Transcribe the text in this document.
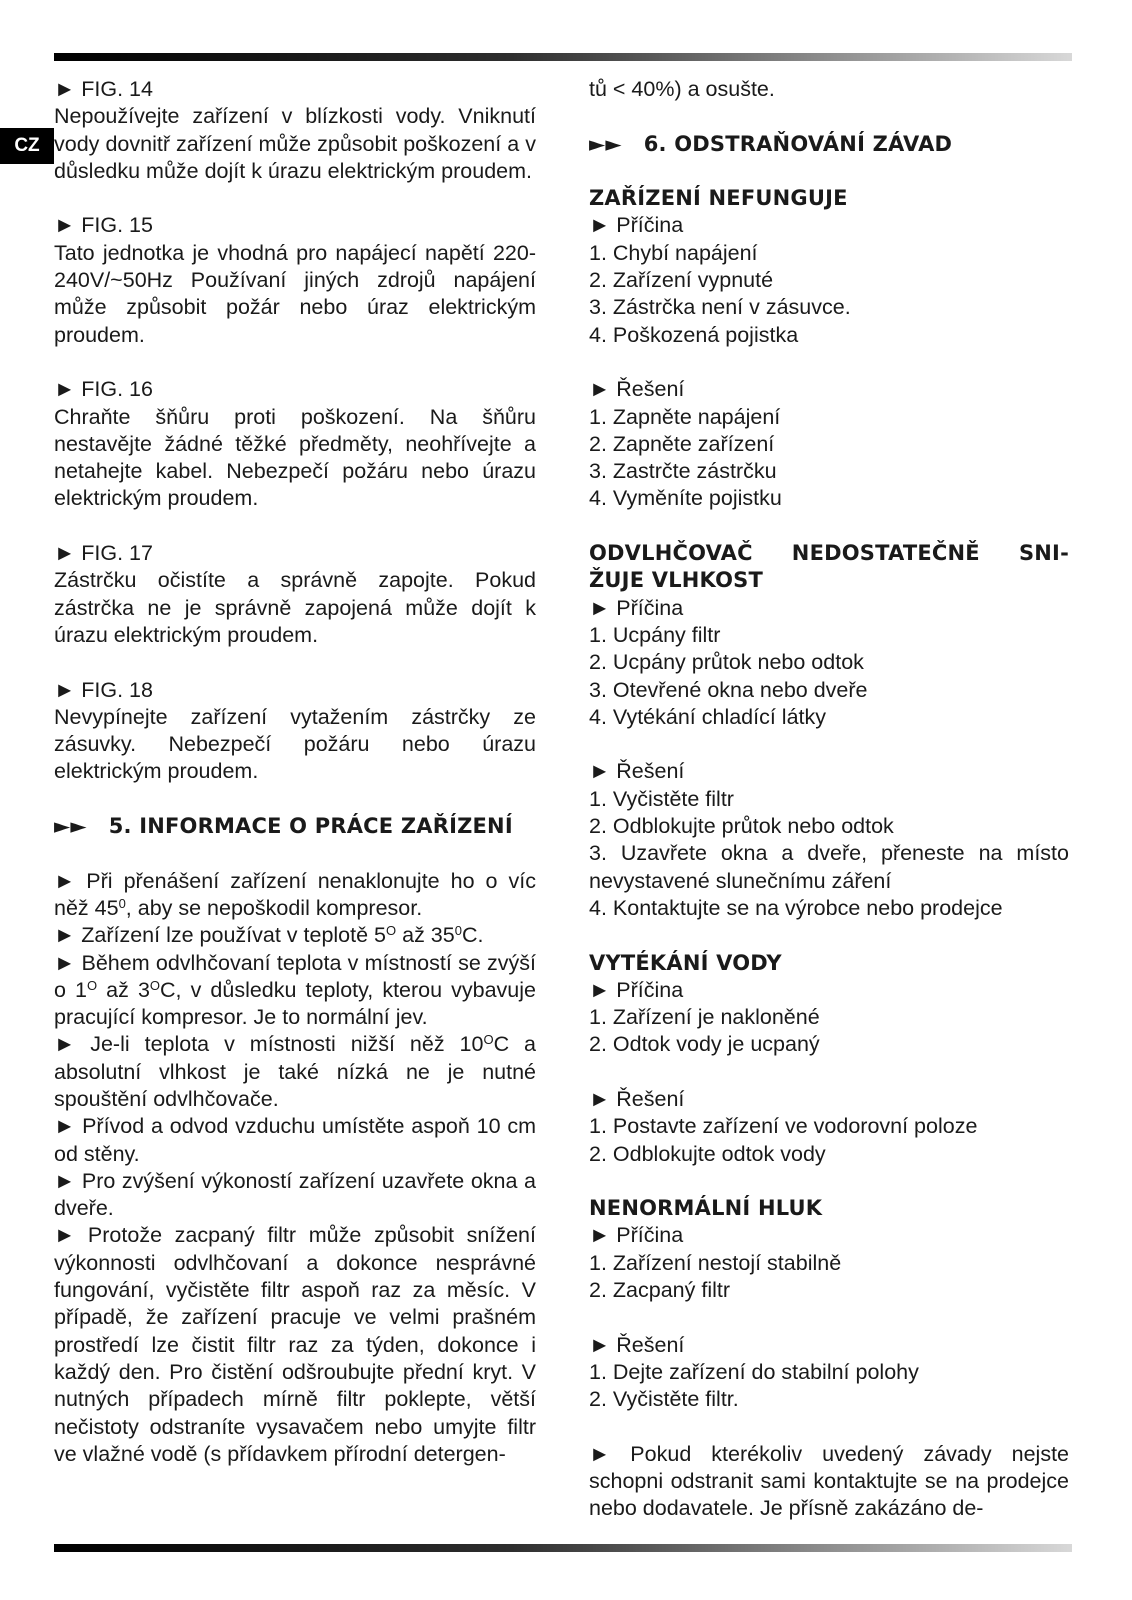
CZ

► FIG. 14

Nepoužívejte zařízení v blízkosti vody. Vniknutí vody dovnitř zařízení může způsobit poškození a v důsledku může dojít k úrazu elektrickým proudem.

► FIG. 15

Tato jednotka je vhodná pro napájecí napětí 220-240V/~50Hz Používaní jiných zdrojů napájení může způsobit požár nebo úraz elektrickým proudem.

► FIG. 16

Chraňte šňůru proti poškození. Na šňůru nestavějte žádné těžké předměty, neohřívejte a netahejte kabel. Nebezpečí požáru nebo úrazu elektrickým proudem.

► FIG. 17

Zástrčku očistíte a správně zapojte. Pokud zástrčka ne je správně zapojená může dojít k úrazu elektrickým proudem.

► FIG. 18

Nevypínejte zařízení vytažením zástrčky ze zásuvky. Nebezpečí požáru nebo úrazu elektrickým proudem.

►► 5. INFORMACE O PRÁCE ZAŘÍZENÍ

► Při přenášení zařízení nenaklonujte ho o víc něž $45^0$, aby se nepoškodil kompresor.

► Zařízení lze používat v teplotě $5^O$ až $35^0C$.

► Během odvlhčovaní teplota v místností se zvýší o $1^O$ až $3^OC$, v důsledku teploty, kterou vybavuje pracující kompresor. Je to normální jev.

► Je-li teplota v místnosti nižší něž $10^OC$ a absolutní vlhkost je také nízká ne je nutné spouštění odvlhčovače.

► Přívod a odvod vzduchu umístěte aspoň 10 cm od stěny.

► Pro zvýšení výkoností zařízení uzavřete okna a dveře.

► Protože zacpaný filtr může způsobit snížení výkonnosti odvlhčovaní a dokonce nesprávné fungování, vyčistěte filtr aspoň raz za měsíc. V případě, že zařízení pracuje ve velmi prašném prostředí lze čistit filtr raz za týden, dokonce i každý den. Pro čistění odšroubujte přední kryt. V nutných případech mírně filtr poklepte, větší nečistoty odstraníte vysavačem nebo umyjte filtr ve vlažné vodě (s přídavkem přírodní detergen-

tů < 40%) a osušte.

►► 6. ODSTRAŇOVÁNÍ ZÁVAD

ZAŘÍZENÍ NEFUNGUJE

► Příčina

1. Chybí napájení

2. Zařízení vypnuté

3. Zástrčka není v zásuvce.

4. Poškozená pojistka

► Řešení

1. Zapněte napájení

2. Zapněte zařízení

3. Zastrčte zástrčku

4. Vyměníte pojistku

ODVLHČOVAČ NEDOSTATEČNĚ SNI-

ŽUJE VLHKOST

► Příčina

1. Ucpány filtr

2. Ucpány průtok nebo odtok

3. Otevřené okna nebo dveře

4. Vytékání chladící látky

► Řešení

1. Vyčistěte filtr

2. Odblokujte průtok nebo odtok

3. Uzavřete okna a dveře, přeneste na místo nevystavené slunečnímu záření

4. Kontaktujte se na výrobce nebo prodejce

VYTÉKÁNÍ VODY

► Příčina

1. Zařízení je nakloněné

2. Odtok vody je ucpaný

► Řešení

1. Postavte zařízení ve vodorovní poloze

2. Odblokujte odtok vody

NENORMÁLNÍ HLUK

► Příčina

1. Zařízení nestojí stabilně

2. Zacpaný filtr

► Řešení

1. Dejte zařízení do stabilní polohy

2. Vyčistěte filtr.

► Pokud kterékoliv uvedený závady nejste schopni odstranit sami kontaktujte se na prodejce nebo dodavatele. Je přísně zakázáno de-
